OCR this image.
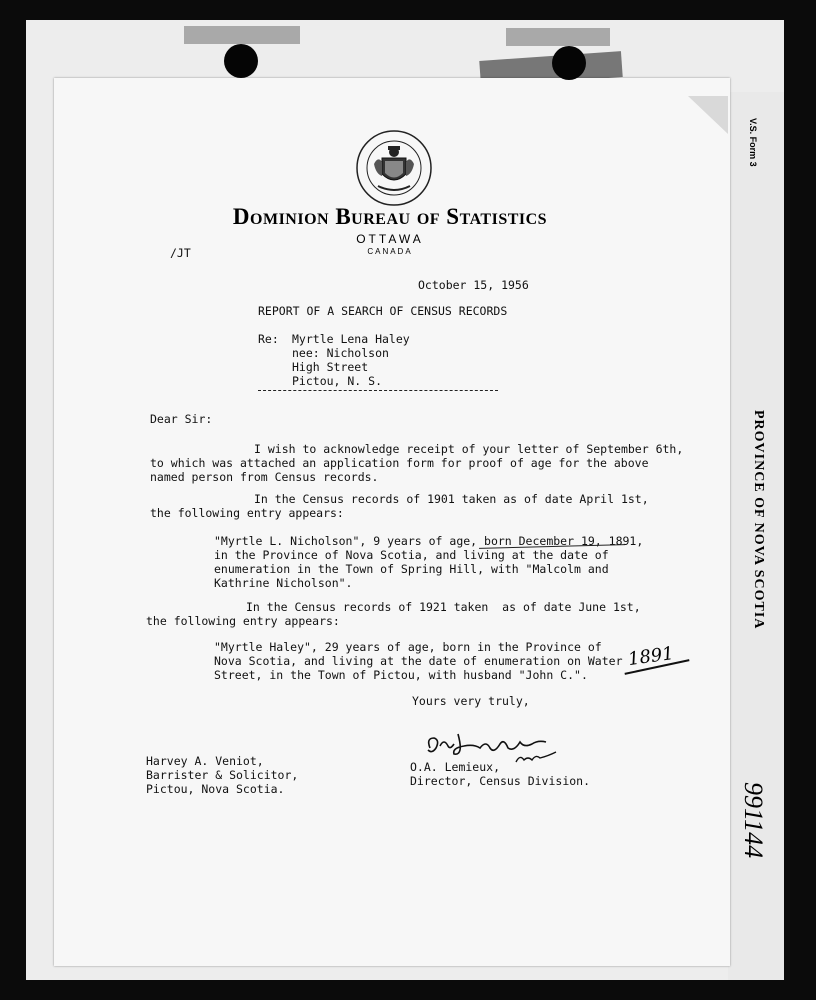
V.S. Form 3
PROVINCE OF NOVA SCOTIA
991144
Dominion Bureau of Statistics
OTTAWA
CANADA
/JT
October 15, 1956
REPORT OF A SEARCH OF CENSUS RECORDS
Re: Myrtle Lena Haley
nee: Nicholson
High Street
Pictou, N. S.
Dear Sir:
I wish to acknowledge receipt of your letter of September 6th,
to which was attached an application form for proof of age for the above
named person from Census records.
In the Census records of 1901 taken as of date April 1st,
the following entry appears:
"Myrtle L. Nicholson", 9 years of age, born December 19, 1891,
in the Province of Nova Scotia, and living at the date of
enumeration in the Town of Spring Hill, with "Malcolm and
Kathrine Nicholson".
In the Census records of 1921 taken  as of date June 1st,
the following entry appears:
"Myrtle Haley", 29 years of age, born in the Province of
Nova Scotia, and living at the date of enumeration on Water
Street, in the Town of Pictou, with husband "John C.".
1891
Yours very truly,
O.A. Lemieux,
Director, Census Division.
Harvey A. Veniot,
Barrister & Solicitor,
Pictou, Nova Scotia.
